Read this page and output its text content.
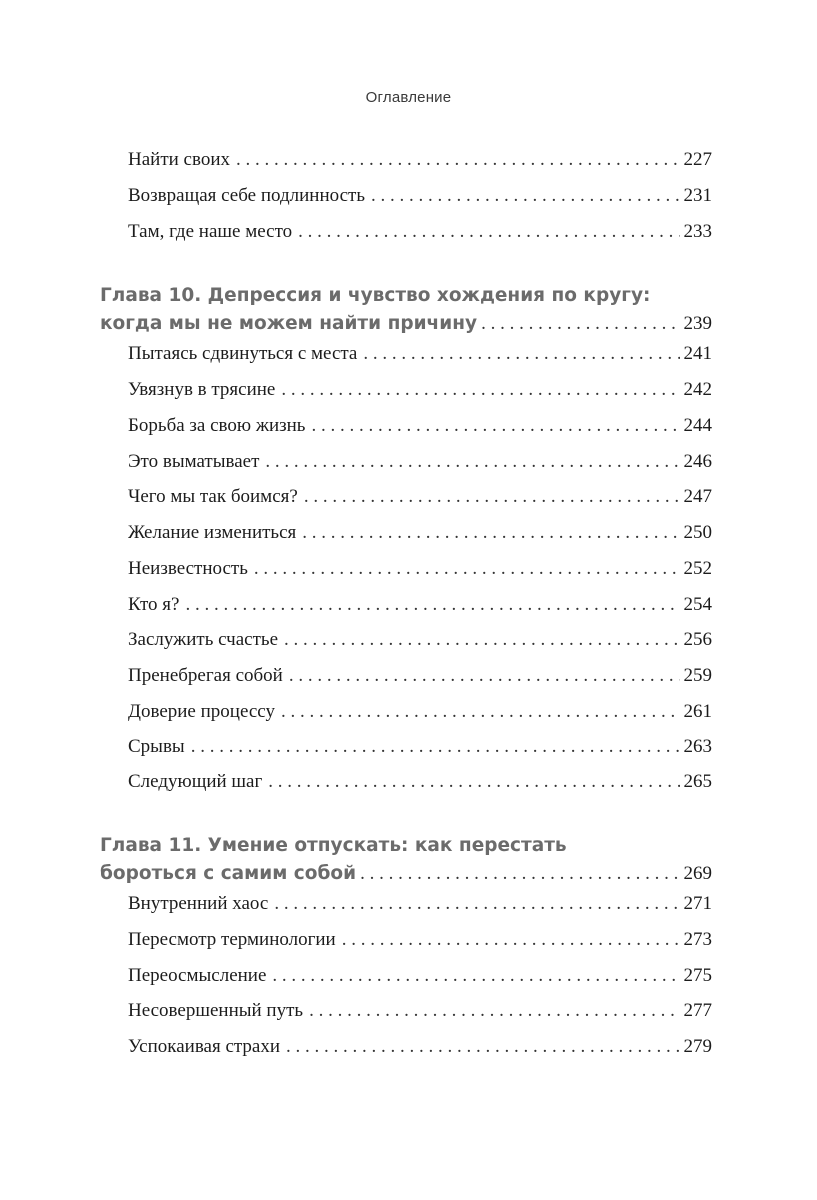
Оглавление
Найти своих . . .	227
Возвращая себе подлинность . . .	231
Там, где наше место . . .	233
Глава 10. Депрессия и чувство хождения по кругу:
когда мы не можем найти причину . . .	239
Пытаясь сдвинуться с места . . .	241
Увязнув в трясине . . .	242
Борьба за свою жизнь . . .	244
Это выматывает . . .	246
Чего мы так боимся? . . .	247
Желание измениться . . .	250
Неизвестность . . .	252
Кто я? . . .	254
Заслужить счастье . . .	256
Пренебрегая собой . . .	259
Доверие процессу . . .	261
Срывы . . .	263
Следующий шаг . . .	265
Глава 11. Умение отпускать: как перестать
бороться с самим собой . . .	269
Внутренний хаос . . .	271
Пересмотр терминологии . . .	273
Переосмысление . . .	275
Несовершенный путь . . .	277
Успокаивая страхи . . .	279
